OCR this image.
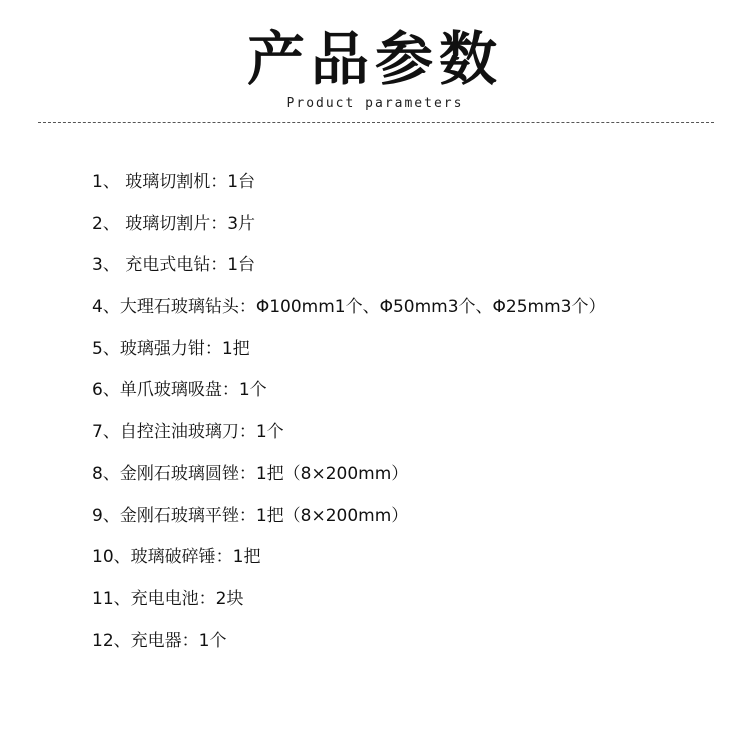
产品参数
Product parameters
1、 玻璃切割机：1台
2、 玻璃切割片：3片
3、 充电式电钻：1台
4、大理石玻璃钻头：Φ100mm1个、Φ50mm3个、Φ25mm3个）
5、玻璃强力钳：1把
6、单爪玻璃吸盘：1个
7、自控注油玻璃刀：1个
8、金刚石玻璃圆锉：1把（8×200mm）
9、金刚石玻璃平锉：1把（8×200mm）
10、玻璃破碎锤：1把
11、充电电池：2块
12、充电器：1个
